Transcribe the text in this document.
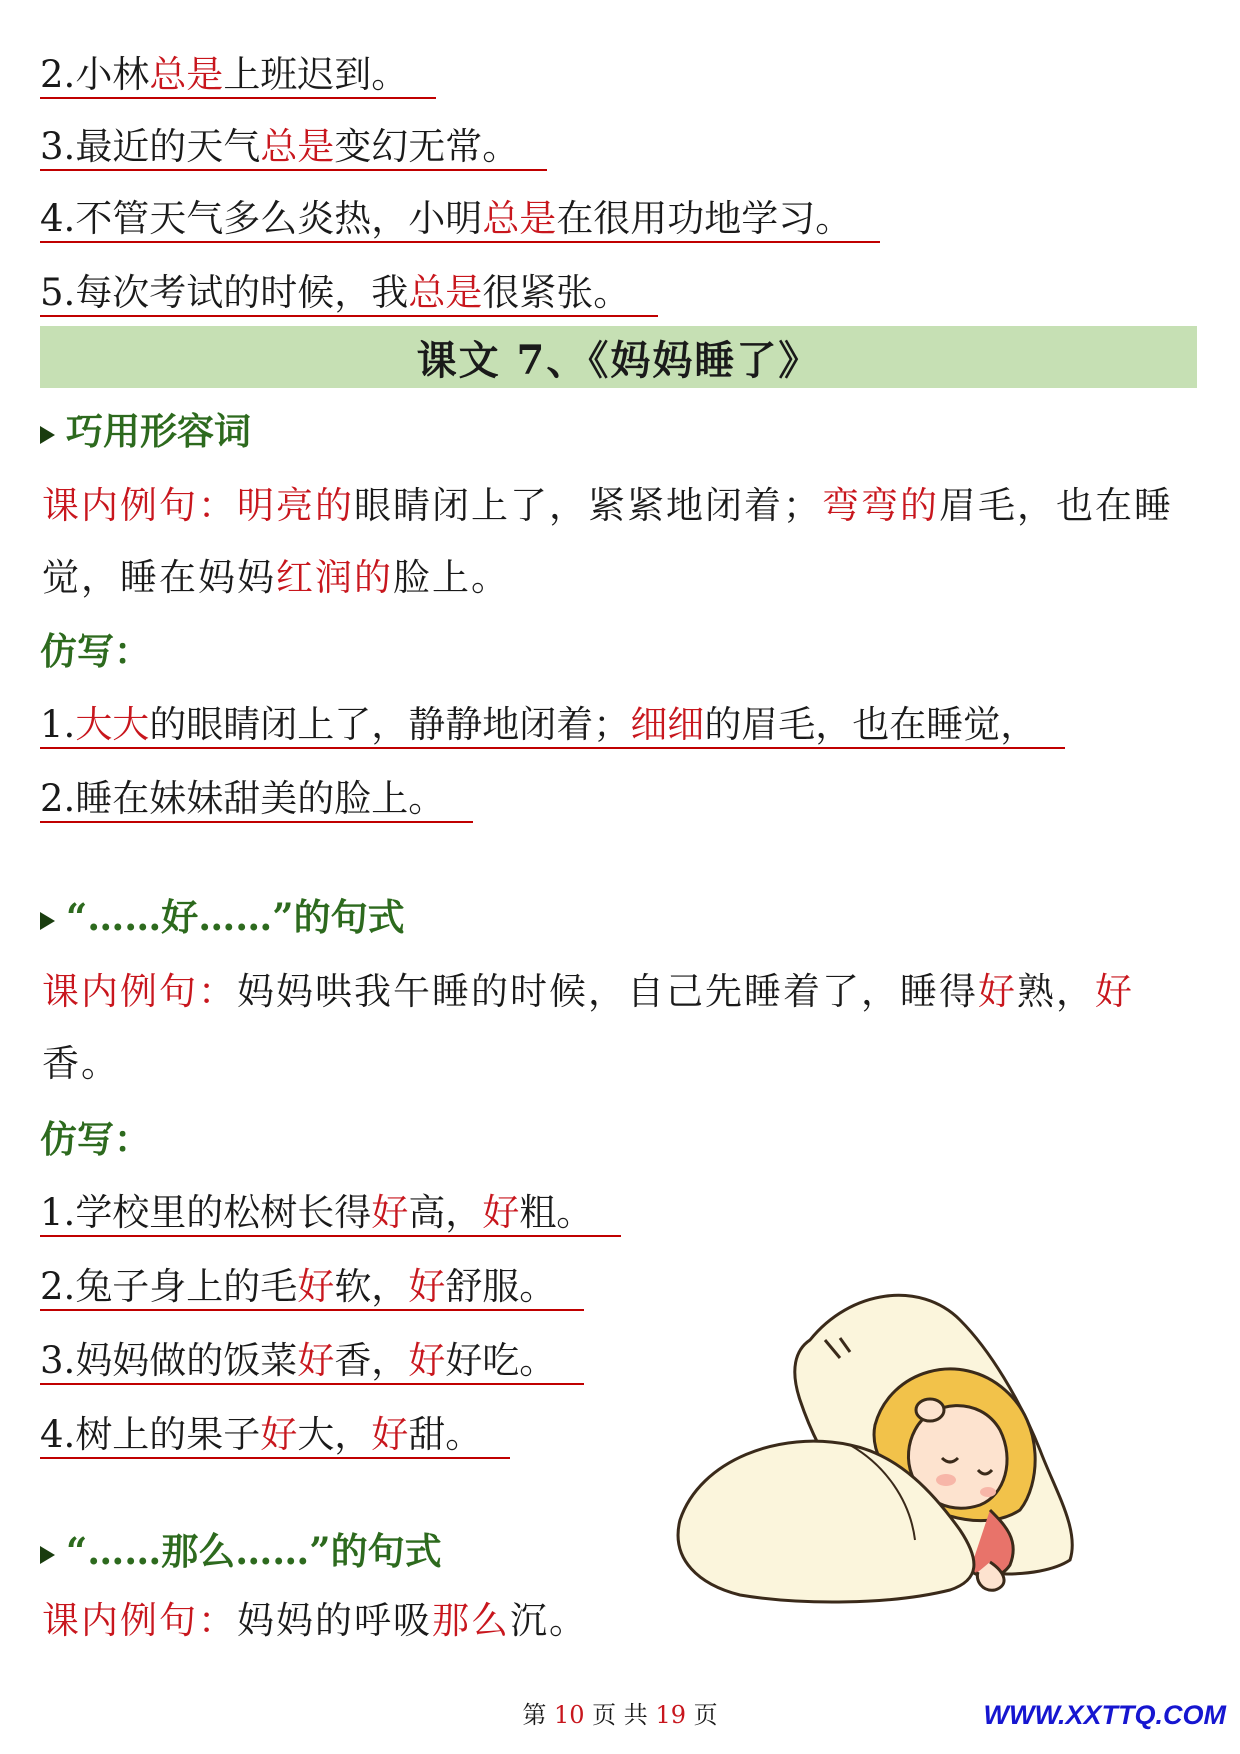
2.小林总是上班迟到。
3.最近的天气总是变幻无常。
4.不管天气多么炎热，小明总是在很用功地学习。
5.每次考试的时候，我总是很紧张。
课文 7、《妈妈睡了》
巧用形容词
课内例句：明亮的眼睛闭上了，紧紧地闭着；弯弯的眉毛，也在睡觉，睡在妈妈红润的脸上。
仿写：
1.大大的眼睛闭上了，静静地闭着；细细的眉毛，也在睡觉，
2.睡在妹妹甜美的脸上。
“……好……”的句式
课内例句：妈妈哄我午睡的时候，自己先睡着了，睡得好熟，好香。
仿写：
1.学校里的松树长得好高，好粗。
2.兔子身上的毛好软，好舒服。
3.妈妈做的饭菜好香，好好吃。
4.树上的果子好大，好甜。
“……那么……”的句式
课内例句：妈妈的呼吸那么沉。
第 10 页 共 19 页	WWW.XXTTQ.COM
